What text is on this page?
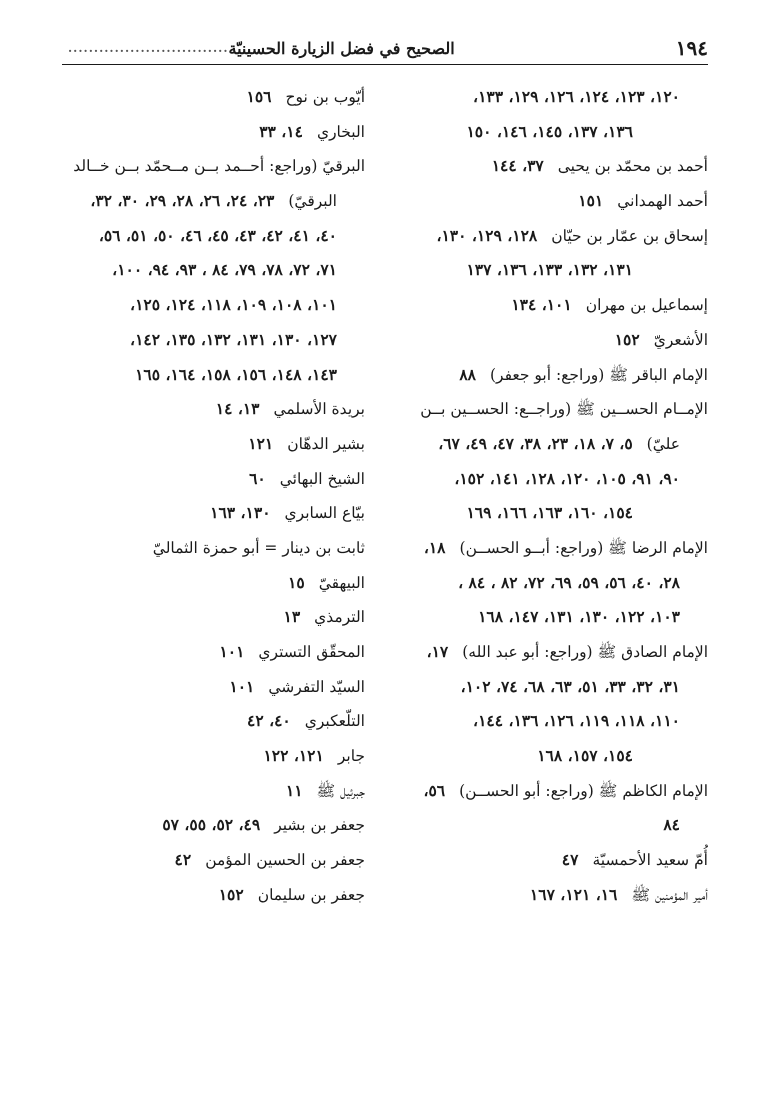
١٩٤
الصحيح في فضل الزيارة الحسينيّة
...............................
١٢٠، ١٢٣، ١٢٤، ١٢٦، ١٢٩، ١٣٣،
١٣٦، ١٣٧، ١٤٥، ١٤٦، ١٥٠
أحمد بن محمّد بن يحيى٣٧، ١٤٤
أحمد الهمداني١٥١
إسحاق بن عمّار بن حيّان١٢٨، ١٢٩، ١٣٠،
١٣١، ١٣٢، ١٣٣، ١٣٦، ١٣٧
إسماعيل بن مهران١٠١، ١٣٤
الأشعريّ١٥٢
الإمام الباقر ﷺ (وراجع: أبو جعفر)٨٨
الإمــام الحســين ﷺ (وراجــع: الحســين بــن
عليّ)٥، ٧، ١٨، ٢٣، ٣٨، ٤٧، ٤٩، ٦٧،
٩٠، ٩١، ١٠٥، ١٢٠، ١٢٨، ١٤١، ١٥٢،
١٥٤، ١٦٠، ١٦٣، ١٦٦، ١٦٩
الإمام الرضا ﷺ (وراجع: أبــو الحســن)١٨،
٢٨، ٤٠، ٥٦، ٥٩، ٦٩، ٧٢، ٨٢ ، ٨٤ ،
١٠٣، ١٢٢، ١٣٠، ١٣١، ١٤٧، ١٦٨
الإمام الصادق ﷺ (وراجع: أبو عبد الله)١٧،
٣١، ٣٢، ٣٣، ٥١، ٦٣، ٦٨، ٧٤، ١٠٢،
١١٠، ١١٨، ١١٩، ١٢٦، ١٣٦، ١٤٤،
١٥٤، ١٥٧، ١٦٨
الإمام الكاظم ﷺ (وراجع: أبو الحســن)٥٦،
٨٤
أُمّ سعيد الأحمسيّة٤٧
أمير المؤمنين ﷺ١٦، ١٢١، ١٦٧
أيّوب بن نوح١٥٦
البخاري١٤، ٣٣
البرقيّ (وراجع: أحــمد بــن مــحمّد بــن خــالد
البرقيّ)٢٣، ٢٤، ٢٦، ٢٨، ٢٩، ٣٠، ٣٢،
٤٠، ٤١، ٤٢، ٤٣، ٤٥، ٤٦، ٥٠، ٥١، ٥٦،
٧١، ٧٢، ٧٨، ٧٩، ٨٤ ، ٩٣، ٩٤، ١٠٠،
١٠١، ١٠٨، ١٠٩، ١١٨، ١٢٤، ١٢٥،
١٢٧، ١٣٠، ١٣١، ١٣٢، ١٣٥، ١٤٢،
١٤٣، ١٤٨، ١٥٦، ١٥٨، ١٦٤، ١٦٥
بريدة الأسلمي١٣، ١٤
بشير الدهّان١٢١
الشيخ البهائي٦٠
بيّاع السابري١٣٠، ١٦٣
ثابت بن دينار = أبو حمزة الثماليّ
البيهقيّ١٥
الترمذي١٣
المحقّق التستري١٠١
السيّد التفرشي١٠١
التلّعكبري٤٠، ٤٢
جابر١٢١، ١٢٢
جبرئيل ﷺ١١
جعفر بن بشير٤٩، ٥٢، ٥٥، ٥٧
جعفر بن الحسين المؤمن٤٢
جعفر بن سليمان١٥٢
